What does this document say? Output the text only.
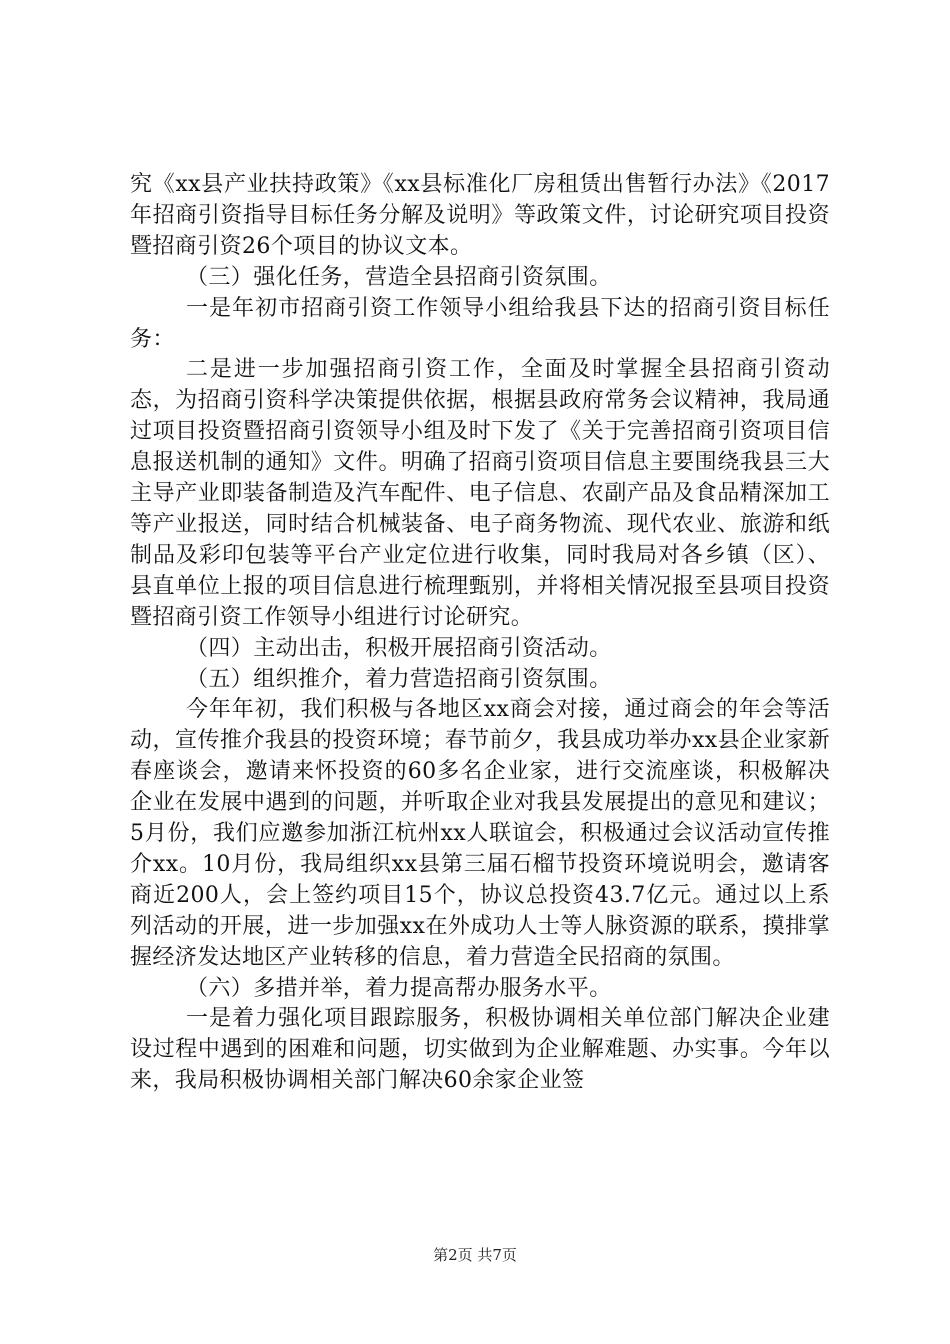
究《xx县产业扶持政策》《xx县标准化厂房租赁出售暂行办法》《2017年招商引资指导目标任务分解及说明》等政策文件，讨论研究项目投资暨招商引资26个项目的协议文本。

（三）强化任务，营造全县招商引资氛围。

一是年初市招商引资工作领导小组给我县下达的招商引资目标任务：

二是进一步加强招商引资工作，全面及时掌握全县招商引资动态，为招商引资科学决策提供依据，根据县政府常务会议精神，我局通过项目投资暨招商引资领导小组及时下发了《关于完善招商引资项目信息报送机制的通知》文件。明确了招商引资项目信息主要围绕我县三大主导产业即装备制造及汽车配件、电子信息、农副产品及食品精深加工等产业报送，同时结合机械装备、电子商务物流、现代农业、旅游和纸制品及彩印包装等平台产业定位进行收集，同时我局对各乡镇（区）、县直单位上报的项目信息进行梳理甄别，并将相关情况报至县项目投资暨招商引资工作领导小组进行讨论研究。

（四）主动出击，积极开展招商引资活动。

（五）组织推介，着力营造招商引资氛围。

今年年初，我们积极与各地区xx商会对接，通过商会的年会等活动，宣传推介我县的投资环境；春节前夕，我县成功举办xx县企业家新春座谈会，邀请来怀投资的60多名企业家，进行交流座谈，积极解决企业在发展中遇到的问题，并听取企业对我县发展提出的意见和建议；5月份，我们应邀参加浙江杭州xx人联谊会，积极通过会议活动宣传推介xx。10月份，我局组织xx县第三届石榴节投资环境说明会，邀请客商近200人，会上签约项目15个，协议总投资43.7亿元。通过以上系列活动的开展，进一步加强xx在外成功人士等人脉资源的联系，摸排掌握经济发达地区产业转移的信息，着力营造全民招商的氛围。

（六）多措并举，着力提高帮办服务水平。

一是着力强化项目跟踪服务，积极协调相关单位部门解决企业建设过程中遇到的困难和问题，切实做到为企业解难题、办实事。今年以来，我局积极协调相关部门解决60余家企业签

第2页 共7页
